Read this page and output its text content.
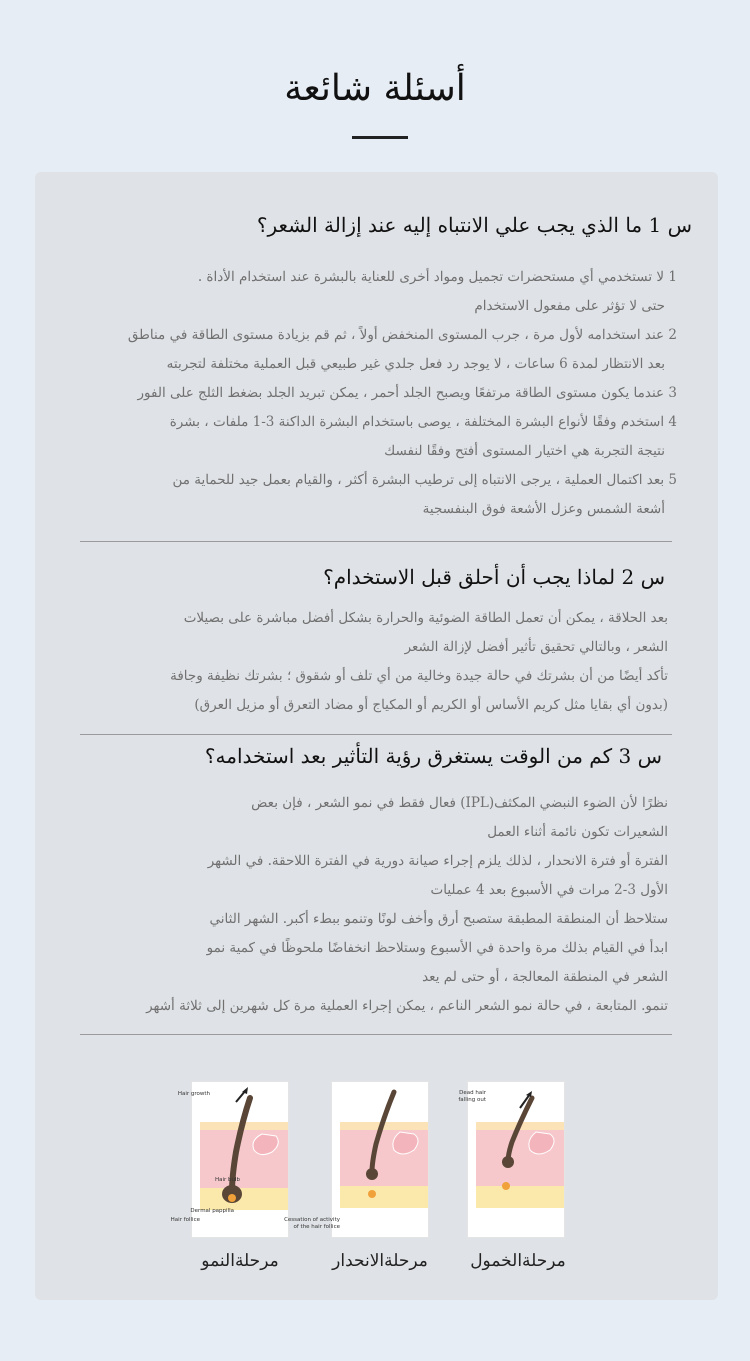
أسئلة شائعة
س 1 ما الذي يجب علي الانتباه إليه عند إزالة الشعر؟
1 لا تستخدمي أي مستحضرات تجميل ومواد أخرى للعناية بالبشرة عند استخدام الأداة .
حتى لا تؤثر على مفعول الاستخدام
2 عند استخدامه لأول مرة ، جرب المستوى المنخفض أولاً ، ثم قم بزيادة مستوى الطاقة في مناطق
بعد الانتظار لمدة 6 ساعات ، لا يوجد رد فعل جلدي غير طبيعي قبل العملية مختلفة لتجربته
3 عندما يكون مستوى الطاقة مرتفعًا ويصبح الجلد أحمر ، يمكن تبريد الجلد بضغط الثلج على الفور
4 استخدم وفقًا لأنواع البشرة المختلفة ، يوصى باستخدام البشرة الداكنة 3-1 ملفات ، بشرة
نتيجة التجربة هي اختيار المستوى أفتح وفقًا لنفسك
5 بعد اكتمال العملية ، يرجى الانتباه إلى ترطيب البشرة أكثر ، والقيام بعمل جيد للحماية من
أشعة الشمس وعزل الأشعة فوق البنفسجية
س 2 لماذا يجب أن أحلق قبل الاستخدام؟
بعد الحلاقة ، يمكن أن تعمل الطاقة الضوئية والحرارة بشكل أفضل مباشرة على بصيلات
الشعر ، وبالتالي تحقيق تأثير أفضل لإزالة الشعر
تأكد أيضًا من أن بشرتك في حالة جيدة وخالية من أي تلف أو شقوق ؛ بشرتك نظيفة وجافة
(بدون أي بقايا مثل كريم الأساس أو الكريم أو المكياج أو مضاد التعرق أو مزيل العرق)
س 3 كم من الوقت يستغرق رؤية التأثير بعد استخدامه؟
نظرًا لأن الضوء النبضي المكثف(IPL) فعال فقط في نمو الشعر ، فإن بعض
الشعيرات تكون نائمة أثناء العمل
الفترة أو فترة الانحدار ، لذلك يلزم إجراء صيانة دورية في الفترة اللاحقة. في الشهر
الأول 3-2 مرات في الأسبوع بعد 4 عمليات
ستلاحظ أن المنطقة المطبقة ستصبح أرق وأخف لونًا وتنمو ببطء أكبر. الشهر الثاني
ابدأ في القيام بذلك مرة واحدة في الأسبوع وستلاحظ انخفاضًا ملحوظًا في كمية نمو
الشعر في المنطقة المعالجة ، أو حتى لم يعد
تنمو. المتابعة ، في حالة نمو الشعر الناعم ، يمكن إجراء العملية مرة كل شهرين إلى ثلاثة أشهر
Hair growth
Hair bulb
Dermal pappilla
Hair follice	Cessation of activity
of the hair follice
Dead hair
falling out
مرحلةالنمو	مرحلةالانحدار	مرحلةالخمول
